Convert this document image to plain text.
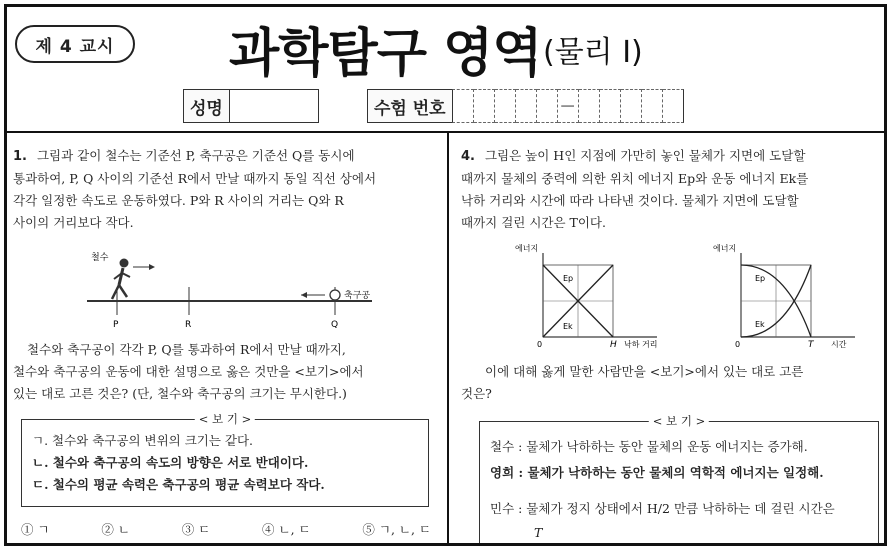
제 4 교시	과학탐구 영역 (물리 I)
성명	수험 번호	—
1. 그림과 같이 철수는 기준선 P, 축구공은 기준선 Q를 동시에
통과하여, P, Q 사이의 기준선 R에서 만날 때까지 동일 직선 상에서
각각 일정한 속도로 운동하였다. P와 R 사이의 거리는 Q와 R
사이의 거리보다 작다.
철수
P	R	Q
축구공
철수와 축구공이 각각 P, Q를 통과하여 R에서 만날 때까지,
철수와 축구공의 운동에 대한 설명으로 옳은 것만을 <보기>에서
있는 대로 고른 것은? (단, 철수와 축구공의 크기는 무시한다.)
< 보 기 >
ㄱ. 철수와 축구공의 변위의 크기는 같다.
ㄴ. 철수와 축구공의 속도의 방향은 서로 반대이다.
ㄷ. 철수의 평균 속력은 축구공의 평균 속력보다 작다.
① ㄱ	② ㄴ	③ ㄷ	④ ㄴ, ㄷ	⑤ ㄱ, ㄴ, ㄷ
4. 그림은 높이 H인 지점에 가만히 놓인 물체가 지면에 도달할
때까지 물체의 중력에 의한 위치 에너지 Ep와 운동 에너지 Ek를
낙하 거리와 시간에 따라 나타낸 것이다. 물체가 지면에 도달할
때까지 걸린 시간은 T이다.
에너지
0	H 낙하 거리
Ep
Ek
에너지
0	T 시간
Ep
Ek
이에 대해 옳게 말한 사람만을 <보기>에서 있는 대로 고른
것은?
< 보 기 >
철수 : 물체가 낙하하는 동안 물체의 운동 에너지는 증가해.
영희 : 물체가 낙하하는 동안 물체의 역학적 에너지는 일정해.
민수 : 물체가 정지 상태에서 H/2 만큼 낙하하는 데 걸린 시간은
T
